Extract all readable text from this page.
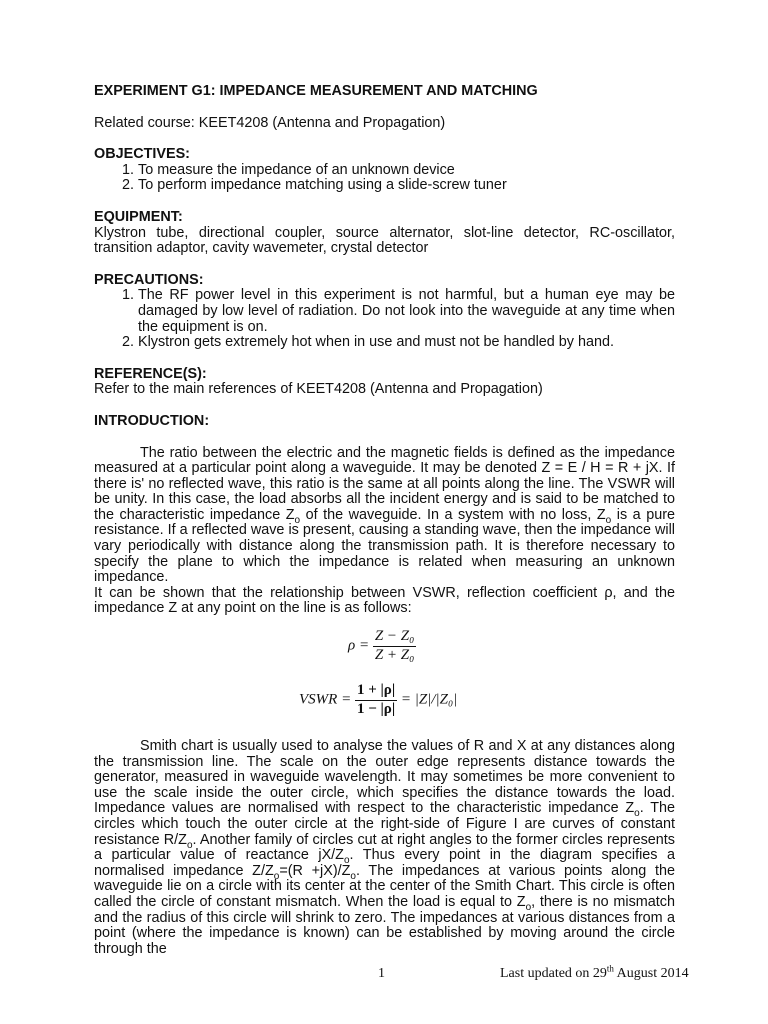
EXPERIMENT G1: IMPEDANCE MEASUREMENT AND MATCHING

Related course: KEET4208 (Antenna and Propagation)

OBJECTIVES:

1. To measure the impedance of an unknown device
2. To perform impedance matching using a slide-screw tuner

EQUIPMENT:

Klystron tube, directional coupler, source alternator, slot-line detector, RC-oscillator, transition adaptor, cavity wavemeter, crystal detector

PRECAUTIONS:

1. The RF power level in this experiment is not harmful, but a human eye may be damaged by low level of radiation. Do not look into the waveguide at any time when the equipment is on.
2. Klystron gets extremely hot when in use and must not be handled by hand.

REFERENCE(S):

Refer to the main references of KEET4208 (Antenna and Propagation)

INTRODUCTION:

The ratio between the electric and the magnetic fields is defined as the impedance measured at a particular point along a waveguide. It may be denoted Z = E / H = R + jX. If there is' no reflected wave, this ratio is the same at all points along the line. The VSWR will be unity. In this case, the load absorbs all the incident energy and is said to be matched to the characteristic impedance $Z_o$ of the waveguide. In a system with no loss, $Z_o$ is a pure resistance. If a reflected wave is present, causing a standing wave, then the impedance will vary periodically with distance along the transmission path. It is therefore necessary to specify the plane to which the impedance is related when measuring an unknown impedance.

It can be shown that the relationship between VSWR, reflection coefficient ρ, and the impedance Z at any point on the line is as follows:

$\rho = \frac{\text{Z − Z₀}}{\text{Z + Z₀}}$
VSWR = $\frac{1 + |\rho|}{1 - |\rho|} = |Z|/|Z_0|$

Smith chart is usually used to analyse the values of R and X at any distances along the transmission line. The scale on the outer edge represents distance towards the generator, measured in waveguide wavelength. It may sometimes be more convenient to use the scale inside the outer circle, which specifies the distance towards the load. Impedance values are normalised with respect to the characteristic impedance $Z_o$. The circles which touch the outer circle at the right-side of Figure I are curves of constant resistance $R/Z_o$. Another family of circles cut at right angles to the former circles represents a particular value of reactance $jX/Z_o$. Thus every point in the diagram specifies a normalised impedance $Z/Z_o=(R +jX)/Z_o$. The impedances at various points along the waveguide lie on a circle with its center at the center of the Smith Chart. This circle is often called the circle of constant mismatch. When the load is equal to $Z_o$, there is no mismatch and the radius of this circle will shrink to zero. The impedances at various distances from a point (where the impedance is known) can be established by moving around the circle through the

1	Last updated on 29th August 2014
